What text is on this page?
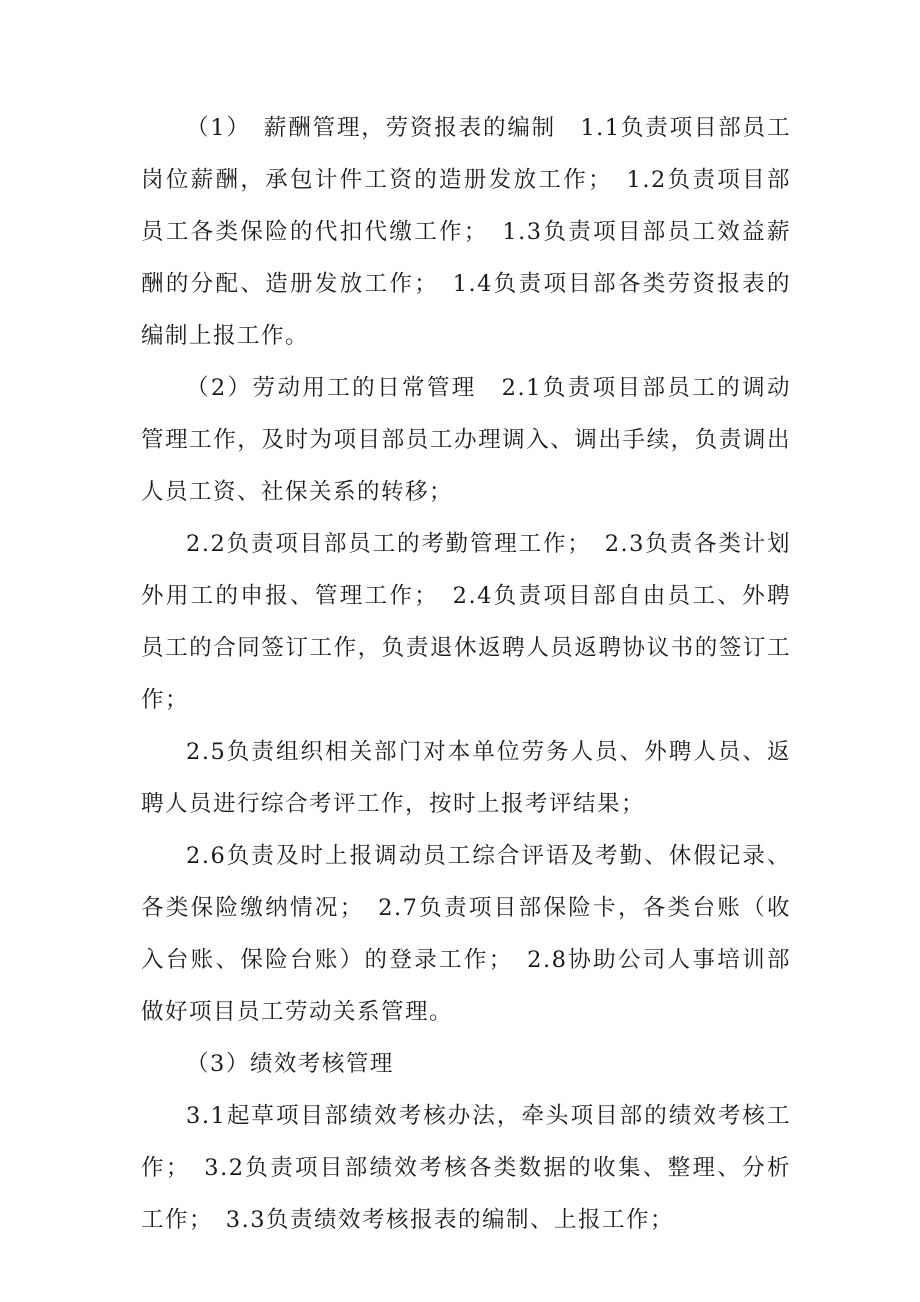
（1）　薪酬管理，劳资报表的编制　1.1负责项目部员工岗位薪酬，承包计件工资的造册发放工作；　1.2负责项目部员工各类保险的代扣代缴工作；　1.3负责项目部员工效益薪酬的分配、造册发放工作；　1.4负责项目部各类劳资报表的编制上报工作。

（2）劳动用工的日常管理　2.1负责项目部员工的调动管理工作，及时为项目部员工办理调入、调出手续，负责调出人员工资、社保关系的转移；

2.2负责项目部员工的考勤管理工作；　2.3负责各类计划外用工的申报、管理工作；　2.4负责项目部自由员工、外聘员工的合同签订工作，负责退休返聘人员返聘协议书的签订工作；

2.5负责组织相关部门对本单位劳务人员、外聘人员、返聘人员进行综合考评工作，按时上报考评结果；

2.6负责及时上报调动员工综合评语及考勤、休假记录、各类保险缴纳情况；　2.7负责项目部保险卡，各类台账（收入台账、保险台账）的登录工作；　2.8协助公司人事培训部做好项目员工劳动关系管理。

（3）绩效考核管理

3.1起草项目部绩效考核办法，牵头项目部的绩效考核工作；　3.2负责项目部绩效考核各类数据的收集、整理、分析工作；　3.3负责绩效考核报表的编制、上报工作；
